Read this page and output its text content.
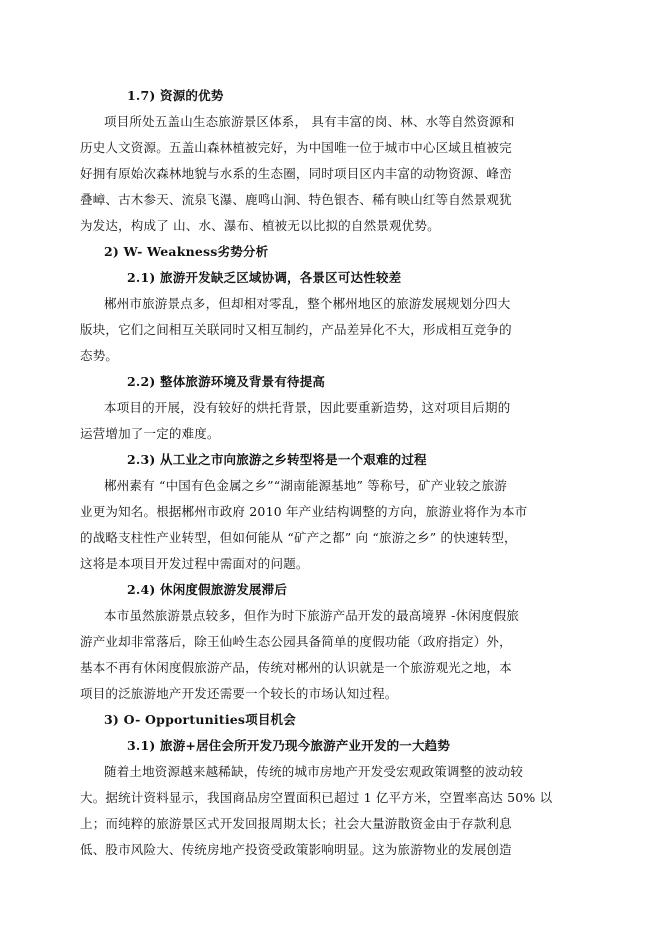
1.7) 资源的优势
项目所处五盖山生态旅游景区体系， 具有丰富的岗、林、水等自然资源和
历史人文资源。五盖山森林植被完好，为中国唯一位于城市中心区域且植被完
好拥有原始次森林地貌与水系的生态圈，同时项目区内丰富的动物资源、峰峦
叠嶂、古木参天、流泉飞瀑、鹿鸣山涧、特色银杏、稀有映山红等自然景观犹
为发达，构成了 山、水、瀑布、植被无以比拟的自然景观优势。
2) W- Weakness劣势分析
2.1) 旅游开发缺乏区域协调，各景区可达性较差
郴州市旅游景点多，但却相对零乱，整个郴州地区的旅游发展规划分四大
版块，它们之间相互关联同时又相互制约，产品差异化不大，形成相互竞争的
态势。
2.2) 整体旅游环境及背景有待提高
本项目的开展，没有较好的烘托背景，因此要重新造势，这对项目后期的
运营增加了一定的难度。
2.3) 从工业之市向旅游之乡转型将是一个艰难的过程
郴州素有 “中国有色金属之乡”“湖南能源基地” 等称号，矿产业较之旅游
业更为知名。根据郴州市政府 2010 年产业结构调整的方向，旅游业将作为本市
的战略支柱性产业转型，但如何能从 “矿产之都” 向 “旅游之乡” 的快速转型，
这将是本项目开发过程中需面对的问题。
2.4) 休闲度假旅游发展滞后
本市虽然旅游景点较多，但作为时下旅游产品开发的最高境界 -休闲度假旅
游产业却非常落后，除王仙岭生态公园具备简单的度假功能（政府指定）外，
基本不再有休闲度假旅游产品，传统对郴州的认识就是一个旅游观光之地，本
项目的泛旅游地产开发还需要一个较长的市场认知过程。
3) O- Opportunities项目机会
3.1) 旅游+居住会所开发乃现今旅游产业开发的一大趋势
随着土地资源越来越稀缺，传统的城市房地产开发受宏观政策调整的波动较
大。据统计资料显示，我国商品房空置面积已超过 1 亿平方米，空置率高达 50% 以
上；而纯粹的旅游景区式开发回报周期太长；社会大量游散资金由于存款利息
低、股市风险大、传统房地产投资受政策影响明显。这为旅游物业的发展创造
